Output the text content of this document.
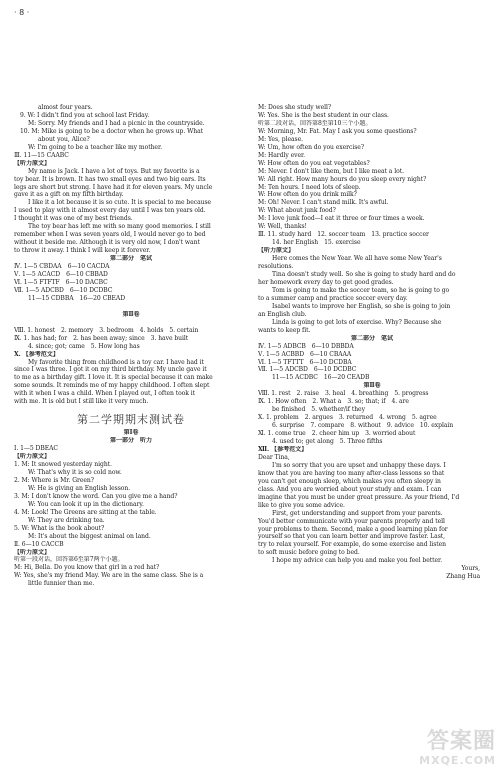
· 8 ·
almost four years.
9. W: I didn't find you at school last Friday.
M: Sorry. My friends and I had a picnic in the countryside.
10. M: Mike is going to be a doctor when he grows up. What
about you, Alice?
W: I'm going to be a teacher like my mother.
Ⅲ. 11—15 CAABC
【听力原文】
My name is Jack. I have a lot of toys. But my favorite is a
toy bear. It is brown. It has two small eyes and two big ears. Its
legs are short but strong. I have had it for eleven years. My uncle
gave it as a gift on my fifth birthday.
I like it a lot because it is so cute. It is special to me because
I used to play with it almost every day until I was ten years old.
I thought it was one of my best friends.
The toy bear has left me with so many good memories. I still
remember when I was seven years old, I would never go to bed
without it beside me. Although it is very old now, I don't want
to throw it away. I think I will keep it forever.
第二部分　笔试
Ⅳ. 1—5 CBDAA　6—10 CACDA
Ⅴ. 1—5 ACACD　6—10 CBBAD
Ⅵ. 1—5 FTFTF　6—10 DACBC
Ⅶ. 1—5 ADCBD　6—10 DCDBC
11—15 CDBBA　16—20 CBEAD

第Ⅱ卷

Ⅷ. 1. honest　2. memory　3. bedroom　4. holds　5. certain
Ⅸ. 1. has had; for　2. has been away; since　3. have built
4. since; got; came　5. How long has
Ⅹ. 【参考范文】
My favorite thing from childhood is a toy car. I have had it
since I was three. I got it on my third birthday. My uncle gave it
to me as a birthday gift. I love it. It is special because it can make
some sounds. It reminds me of my happy childhood. I often slept
with it when I was a child. When I played out, I often took it
with me. It is old but I still like it very much.
第二学期期末测试卷
第Ⅰ卷
第一部分　听力
Ⅰ. 1—5 DBEAC
【听力原文】
1. M: It snowed yesterday night.
W: That's why it is so cold now.
2. M: Where is Mr. Green?
W: He is giving an English lesson.
3. M: I don't know the word. Can you give me a hand?
W: You can look it up in the dictionary.
4. M: Look! The Greens are sitting at the table.
W: They are drinking tea.
5. W: What is the book about?
M: It's about the biggest animal on land.
Ⅱ. 6—10 CACCB
【听力原文】
听第一段对话，回答第6至第7两个小题。
M: Hi, Bella. Do you know that girl in a red hat?
W: Yes, she's my friend May. We are in the same class. She is a
little funnier than me.
M: Does she study well?
W: Yes. She is the best student in our class.
听第二段对话，回答第8至第10三个小题。
W: Morning, Mr. Fat. May I ask you some questions?
M: Yes, please.
W: Um, how often do you exercise?
M: Hardly ever.
W: How often do you eat vegetables?
M: Never. I don't like them, but I like meat a lot.
W: All right. How many hours do you sleep every night?
M: Ten hours. I need lots of sleep.
W: How often do you drink milk?
M: Oh! Never. I can't stand milk. It's awful.
W: What about junk food?
M: I love junk food—I eat it three or four times a week.
W: Well, thanks!
Ⅲ. 11. study hard　12. soccer team　13. practice soccer
14. her English　15. exercise
【听力原文】
Here comes the New Year. We all have some New Year's
resolutions.
Tina doesn't study well. So she is going to study hard and do
her homework every day to get good grades.
Tom is going to make the soccer team, so he is going to go
to a summer camp and practice soccer every day.
Isabel wants to improve her English, so she is going to join
an English club.
Linda is going to get lots of exercise. Why? Because she
wants to keep fit.
第二部分　笔试
Ⅳ. 1—5 ADBCB　6—10 DBBDA
Ⅴ. 1—5 ACBBD　6—10 CBAAA
Ⅵ. 1—5 TFTTT　6—10 DCDBA
Ⅶ. 1—5 ADCBD　6—10 DCDBC
11—15 ACDBC　16—20 CEADB
第Ⅱ卷
Ⅷ. 1. rest　2. raise　3. heal　4. breathing　5. progress
Ⅸ. 1. How often　2. What a　3. so; that; if　4. are
be finished　5. whether/if they
Ⅹ. 1. problem　2. argues　3. returned　4. wrong　5. agree
6. surprise　7. compare　8. without　9. advice　10. explain
Ⅺ. 1. come true　2. cheer him up　3. worried about
4. used to; get along　5. Three fifths
Ⅻ. 【参考范文】
Dear Tina,
I'm so sorry that you are upset and unhappy these days. I
know that you are having too many after-class lessons so that
you can't get enough sleep, which makes you often sleepy in
class. And you are worried about your study and exam. I can
imagine that you must be under great pressure. As your friend, I'd
like to give you some advice.
First, get understanding and support from your parents.
You'd better communicate with your parents properly and tell
your problems to them. Second, make a good learning plan for
yourself so that you can learn better and improve faster. Last,
try to relax yourself. For example, do some exercise and listen
to soft music before going to bed.
I hope my advice can help you and make you feel better.
Yours,
Zhang Hua
答案圈
MXQE.COM
